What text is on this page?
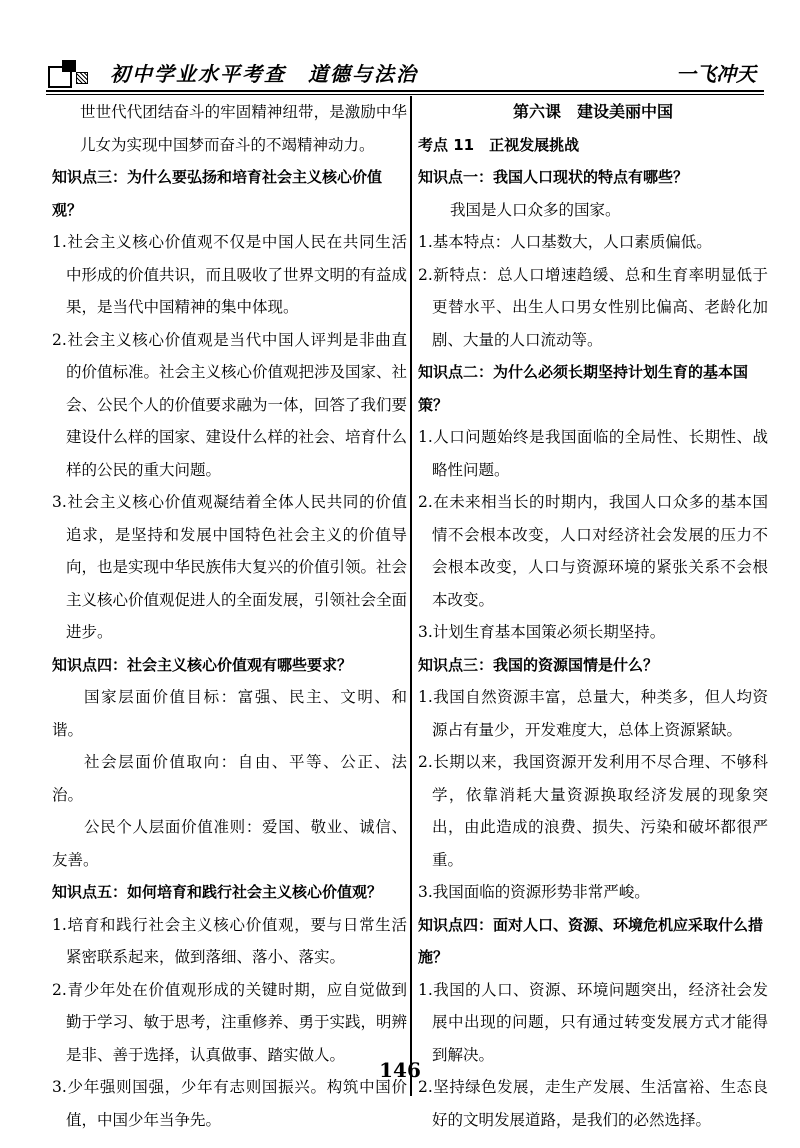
初中学业水平考查　道德与法治	一飞冲天

世世代代团结奋斗的牢固精神纽带，是激励中华儿女为实现中国梦而奋斗的不竭精神动力。

知识点三：为什么要弘扬和培育社会主义核心价值观？

1.社会主义核心价值观不仅是中国人民在共同生活中形成的价值共识，而且吸收了世界文明的有益成果，是当代中国精神的集中体现。

2.社会主义核心价值观是当代中国人评判是非曲直的价值标准。社会主义核心价值观把涉及国家、社会、公民个人的价值要求融为一体，回答了我们要建设什么样的国家、建设什么样的社会、培育什么样的公民的重大问题。

3.社会主义核心价值观凝结着全体人民共同的价值追求，是坚持和发展中国特色社会主义的价值导向，也是实现中华民族伟大复兴的价值引领。社会主义核心价值观促进人的全面发展，引领社会全面进步。

知识点四：社会主义核心价值观有哪些要求？

国家层面价值目标：富强、民主、文明、和谐。

社会层面价值取向：自由、平等、公正、法治。

公民个人层面价值准则：爱国、敬业、诚信、友善。

知识点五：如何培育和践行社会主义核心价值观？

1.培育和践行社会主义核心价值观，要与日常生活紧密联系起来，做到落细、落小、落实。

2.青少年处在价值观形成的关键时期，应自觉做到勤于学习、敏于思考，注重修养、勇于实践，明辨是非、善于选择，认真做事、踏实做人。

3.少年强则国强，少年有志则国振兴。构筑中国价值，中国少年当争先。

第六课　建设美丽中国

考点 11　正视发展挑战

知识点一：我国人口现状的特点有哪些？

我国是人口众多的国家。

1.基本特点：人口基数大，人口素质偏低。

2.新特点：总人口增速趋缓、总和生育率明显低于更替水平、出生人口男女性别比偏高、老龄化加剧、大量的人口流动等。

知识点二：为什么必须长期坚持计划生育的基本国策？

1.人口问题始终是我国面临的全局性、长期性、战略性问题。

2.在未来相当长的时期内，我国人口众多的基本国情不会根本改变，人口对经济社会发展的压力不会根本改变，人口与资源环境的紧张关系不会根本改变。

3.计划生育基本国策必须长期坚持。

知识点三：我国的资源国情是什么？

1.我国自然资源丰富，总量大，种类多，但人均资源占有量少，开发难度大，总体上资源紧缺。

2.长期以来，我国资源开发利用不尽合理、不够科学，依靠消耗大量资源换取经济发展的现象突出，由此造成的浪费、损失、污染和破坏都很严重。

3.我国面临的资源形势非常严峻。

知识点四：面对人口、资源、环境危机应采取什么措施？

1.我国的人口、资源、环境问题突出，经济社会发展中出现的问题，只有通过转变发展方式才能得到解决。

2.坚持绿色发展，走生产发展、生活富裕、生态良好的文明发展道路，是我们的必然选择。

146
